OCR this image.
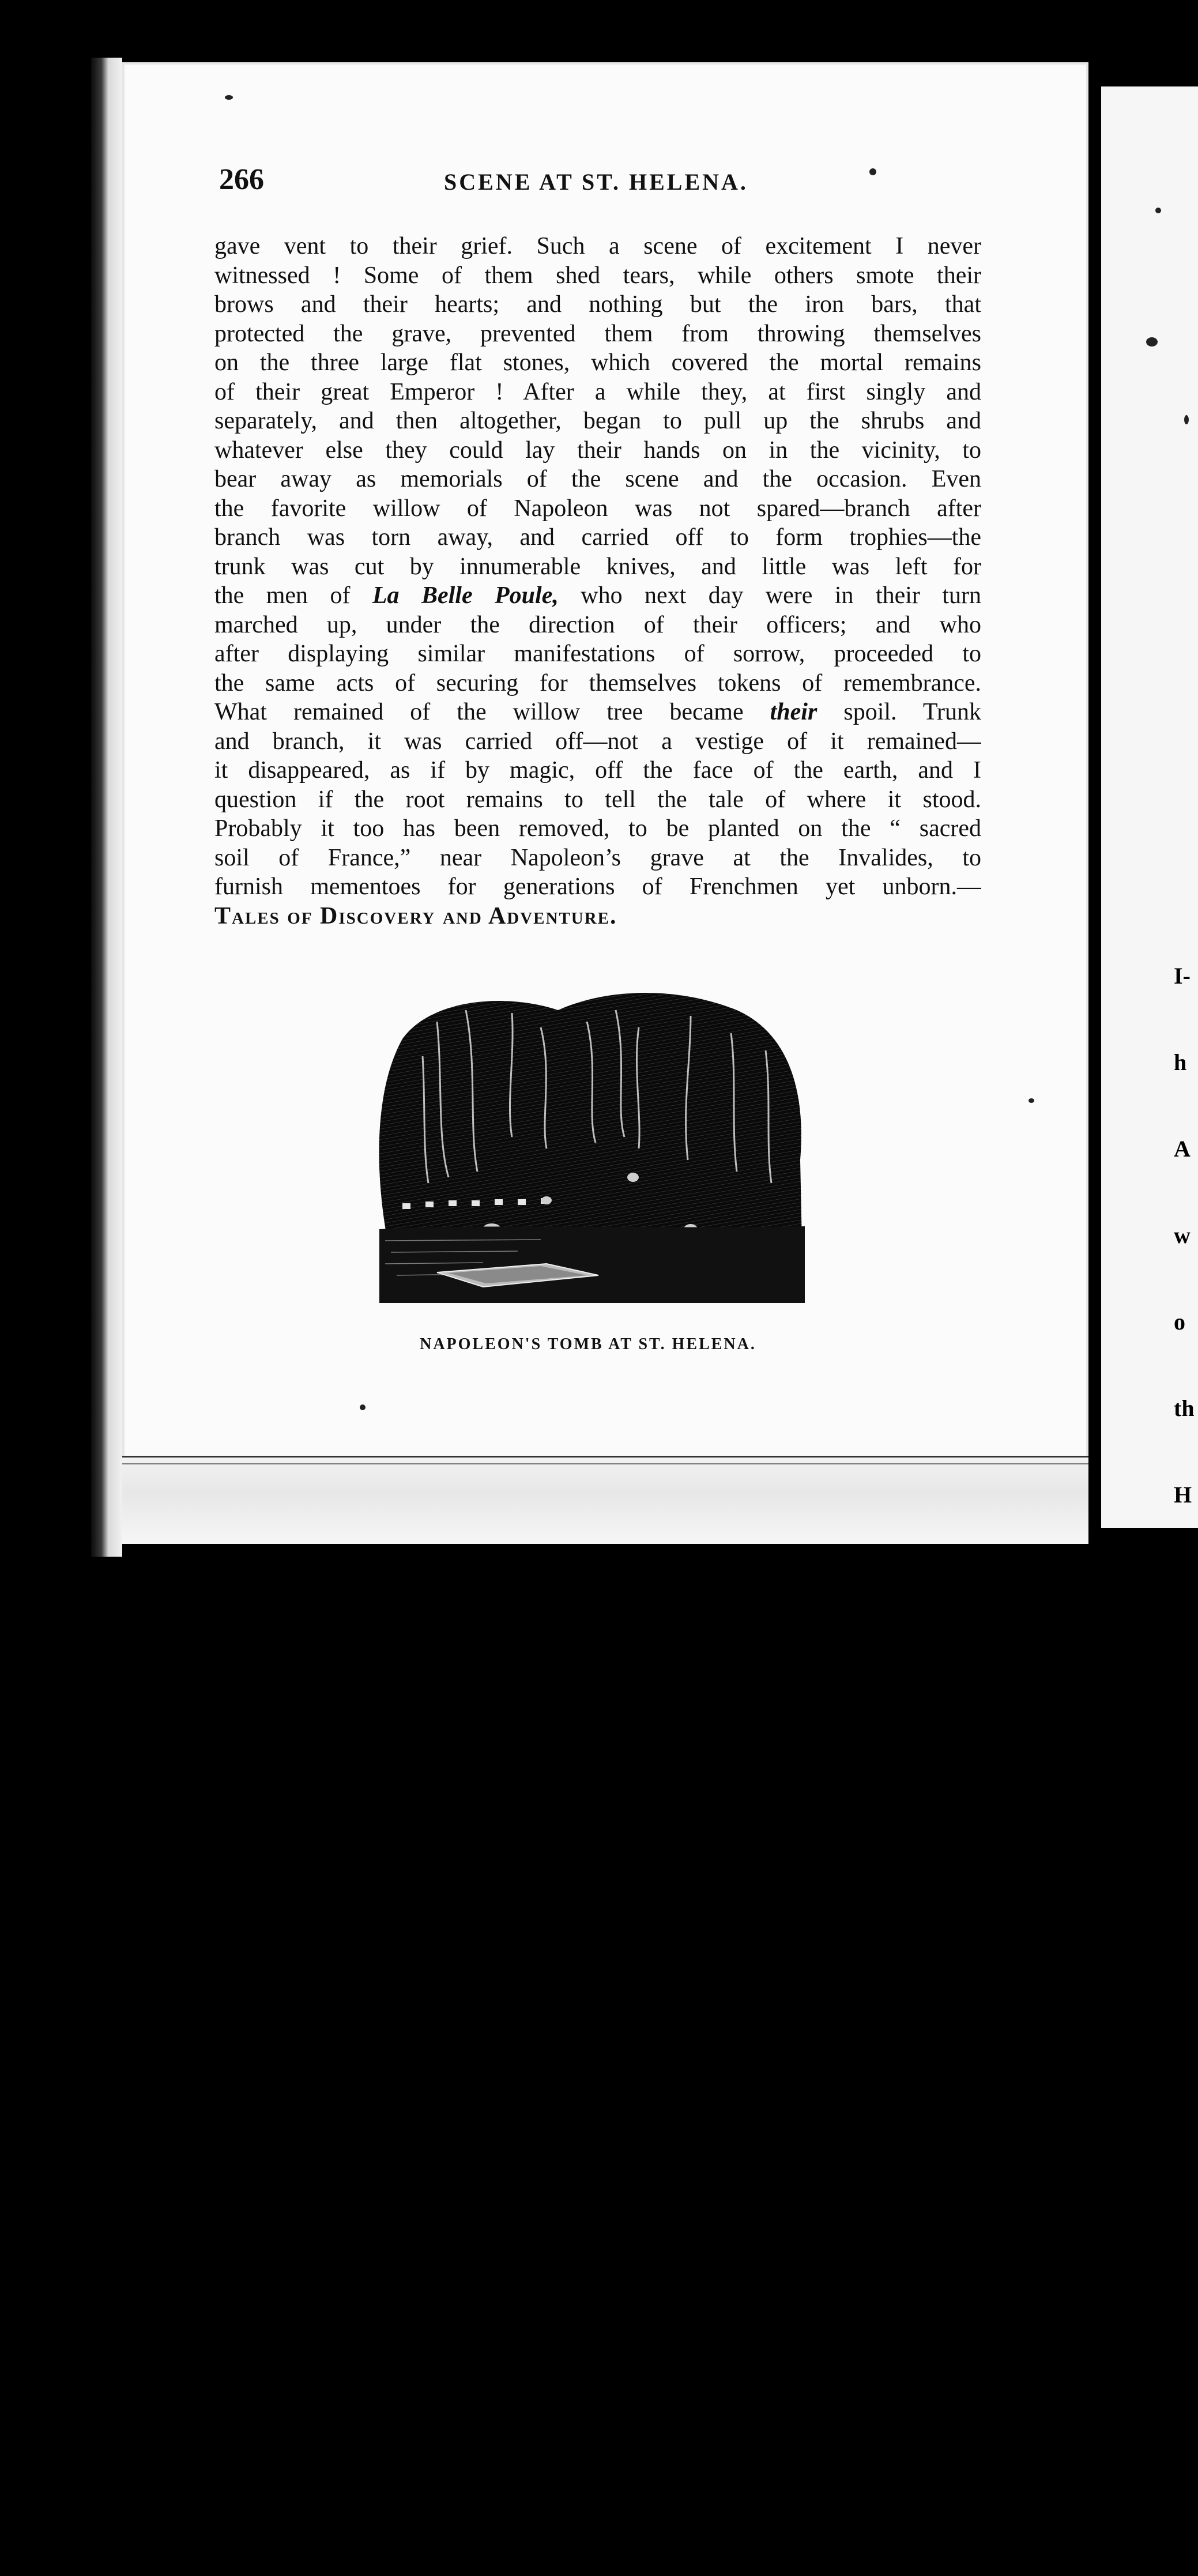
I-

h

A

w

o

th

H

M

n

ha

pa

B

be

at

w

tr

di

ha

no

266	SCENE AT ST. HELENA.
gave vent to their grief. Such a scene of excitement I never
witnessed ! Some of them shed tears, while others smote their
brows and their hearts; and nothing but the iron bars, that
protected the grave, prevented them from throwing themselves
on the three large flat stones, which covered the mortal remains
of their great Emperor ! After a while they, at first singly and
separately, and then altogether, began to pull up the shrubs and
whatever else they could lay their hands on in the vicinity, to
bear away as memorials of the scene and the occasion. Even
the favorite willow of Napoleon was not spared—branch after
branch was torn away, and carried off to form trophies—the
trunk was cut by innumerable knives, and little was left for
the men of La Belle Poule, who next day were in their turn
marched up, under the direction of their officers; and who
after displaying similar manifestations of sorrow, proceeded to
the same acts of securing for themselves tokens of remembrance.
What remained of the willow tree became their spoil. Trunk
and branch, it was carried off—not a vestige of it remained—
it disappeared, as if by magic, off the face of the earth, and I
question if the root remains to tell the tale of where it stood.
Probably it too has been removed, to be planted on the “ sacred
soil of France,” near Napoleon’s grave at the Invalides, to
furnish mementoes for generations of Frenchmen yet unborn.—
Tales of Discovery and Adventure.
NAPOLEON'S TOMB AT ST. HELENA.
